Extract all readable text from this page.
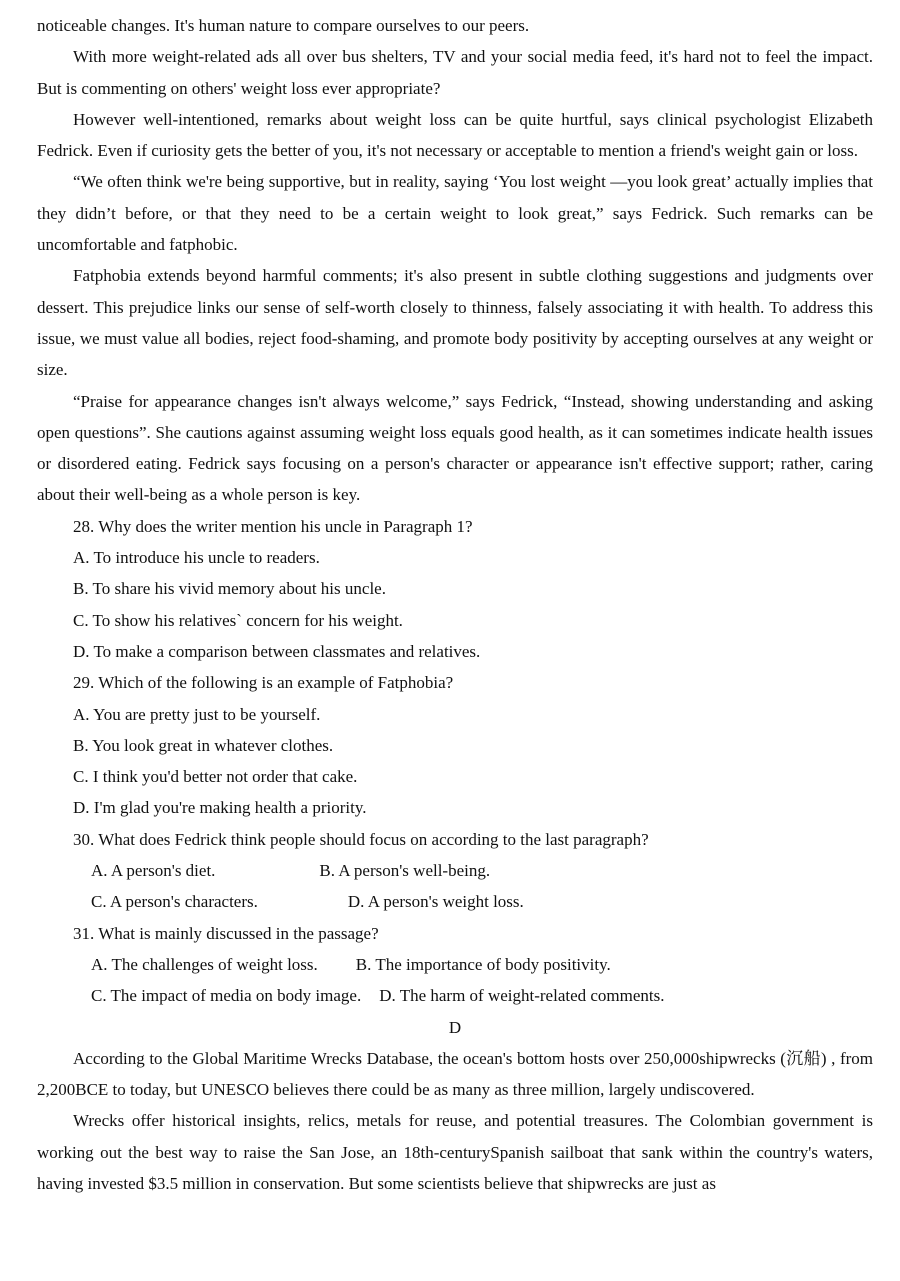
noticeable changes. It's human nature to compare ourselves to our peers.

With more weight-related ads all over bus shelters, TV and your social media feed, it's hard not to feel the impact. But is commenting on others' weight loss ever appropriate?

However well-intentioned, remarks about weight loss can be quite hurtful, says clinical psychologist Elizabeth Fedrick. Even if curiosity gets the better of you, it's not necessary or acceptable to mention a friend's weight gain or loss.

“We often think we're being supportive, but in reality, saying ‘You lost weight —you look great’ actually implies that they didn’t before, or that they need to be a certain weight to look great,” says Fedrick. Such remarks can be uncomfortable and fatphobic.

Fatphobia extends beyond harmful comments; it's also present in subtle clothing suggestions and judgments over dessert. This prejudice links our sense of self-worth closely to thinness, falsely associating it with health. To address this issue, we must value all bodies, reject food-shaming, and promote body positivity by accepting ourselves at any weight or size.

“Praise for appearance changes isn't always welcome,” says Fedrick, “Instead, showing understanding and asking open questions”. She cautions against assuming weight loss equals good health, as it can sometimes indicate health issues or disordered eating. Fedrick says focusing on a person's character or appearance isn't effective support; rather, caring about their well-being as a whole person is key.

28. Why does the writer mention his uncle in Paragraph 1?

A. To introduce his uncle to readers.

B. To share his vivid memory about his uncle.

C. To show his relatives` concern for his weight.

D. To make a comparison between classmates and relatives.

29. Which of the following is an example of Fatphobia?

A. You are pretty just to be yourself.

B. You look great in whatever clothes.

C. I think you'd better not order that cake.

D. I'm glad you're making health a priority.

30. What does Fedrick think people should focus on according to the last paragraph?

A. A person's diet.	B. A person's well-being.

C. A person's characters.	D. A person's weight loss.

31. What is mainly discussed in the passage?

A. The challenges of weight loss. B. The importance of body positivity.

C. The impact of media on body image. D. The harm of weight-related comments.

D

According to the Global Maritime Wrecks Database, the ocean's bottom hosts over 250,000shipwrecks (沉船) , from 2,200BCE to today, but UNESCO believes there could be as many as three million, largely undiscovered.

Wrecks offer historical insights, relics, metals for reuse, and potential treasures. The Colombian government is working out the best way to raise the San Jose, an 18th-centurySpanish sailboat that sank within the country's waters, having invested $3.5 million in conservation. But some scientists believe that shipwrecks are just as
